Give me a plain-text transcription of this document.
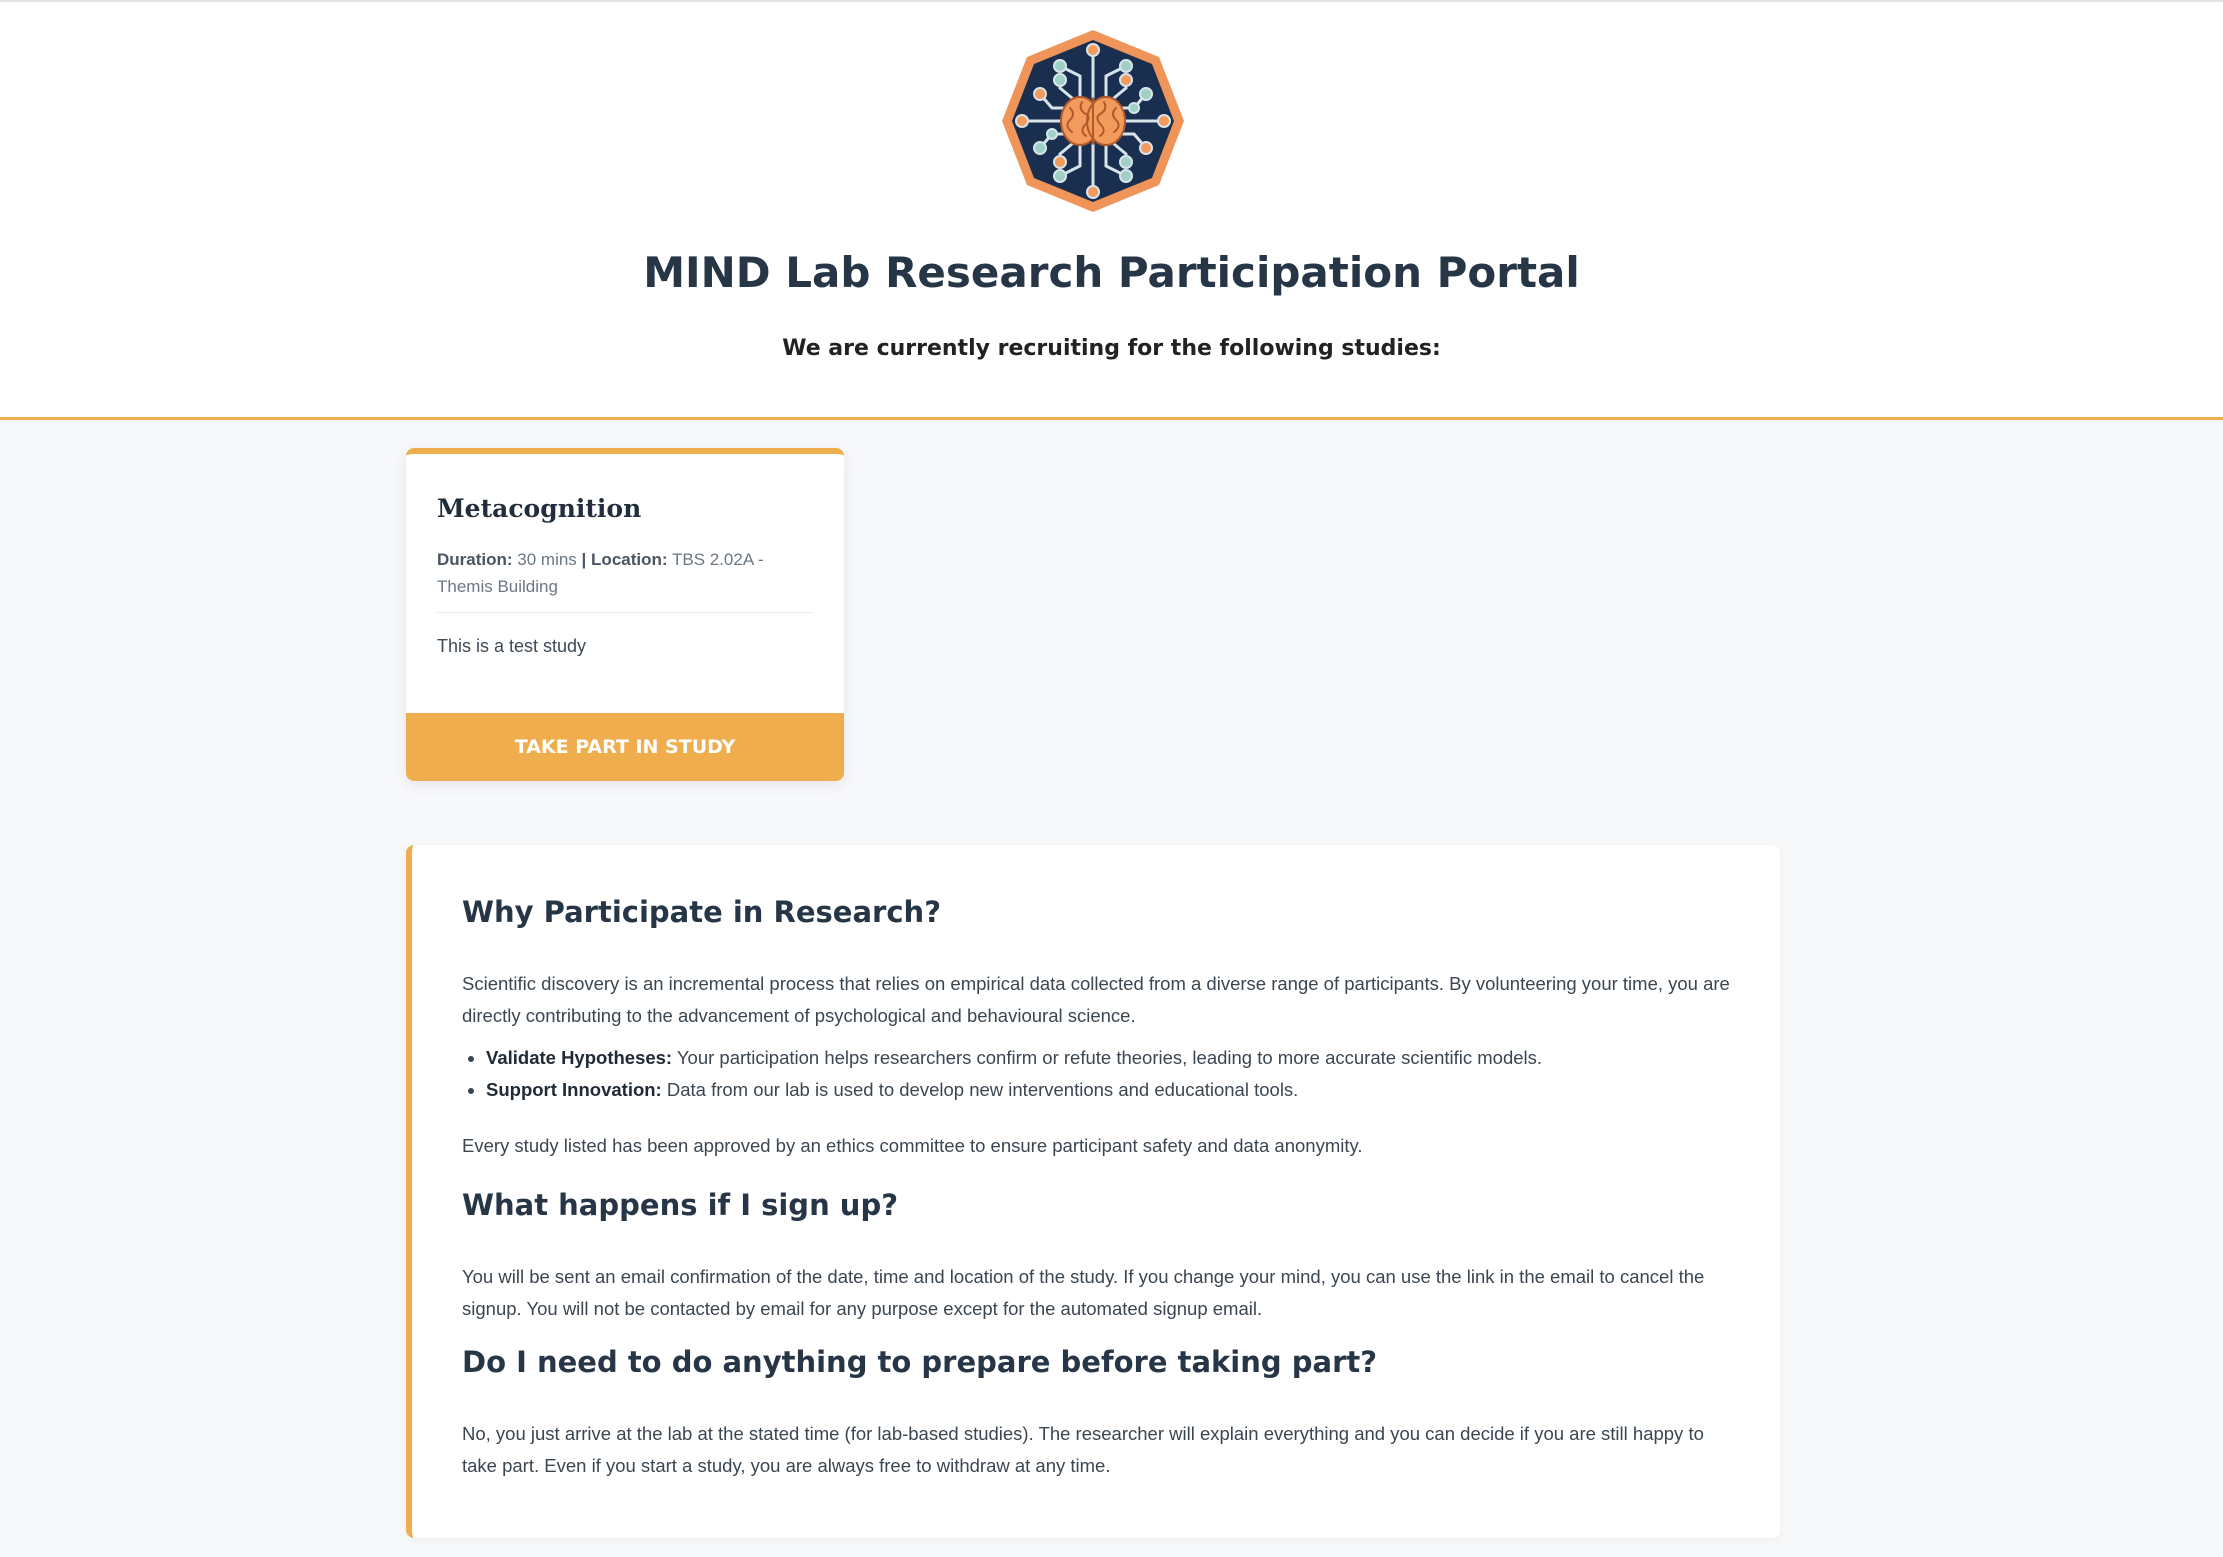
MIND Lab Research Participation Portal
We are currently recruiting for the following studies:
Metacognition
Duration: 30 mins | Location: TBS 2.02A - Themis Building
This is a test study
TAKE PART IN STUDY
Why Participate in Research?

Scientific discovery is an incremental process that relies on empirical data collected from a diverse range of participants. By volunteering your time, you are directly contributing to the advancement of psychological and behavioural science.

• Validate Hypotheses: Your participation helps researchers confirm or refute theories, leading to more accurate scientific models.
• Support Innovation: Data from our lab is used to develop new interventions and educational tools.

Every study listed has been approved by an ethics committee to ensure participant safety and data anonymity.

What happens if I sign up?

You will be sent an email confirmation of the date, time and location of the study. If you change your mind, you can use the link in the email to cancel the signup. You will not be contacted by email for any purpose except for the automated signup email.

Do I need to do anything to prepare before taking part?

No, you just arrive at the lab at the stated time (for lab-based studies). The researcher will explain everything and you can decide if you are still happy to take part. Even if you start a study, you are always free to withdraw at any time.
